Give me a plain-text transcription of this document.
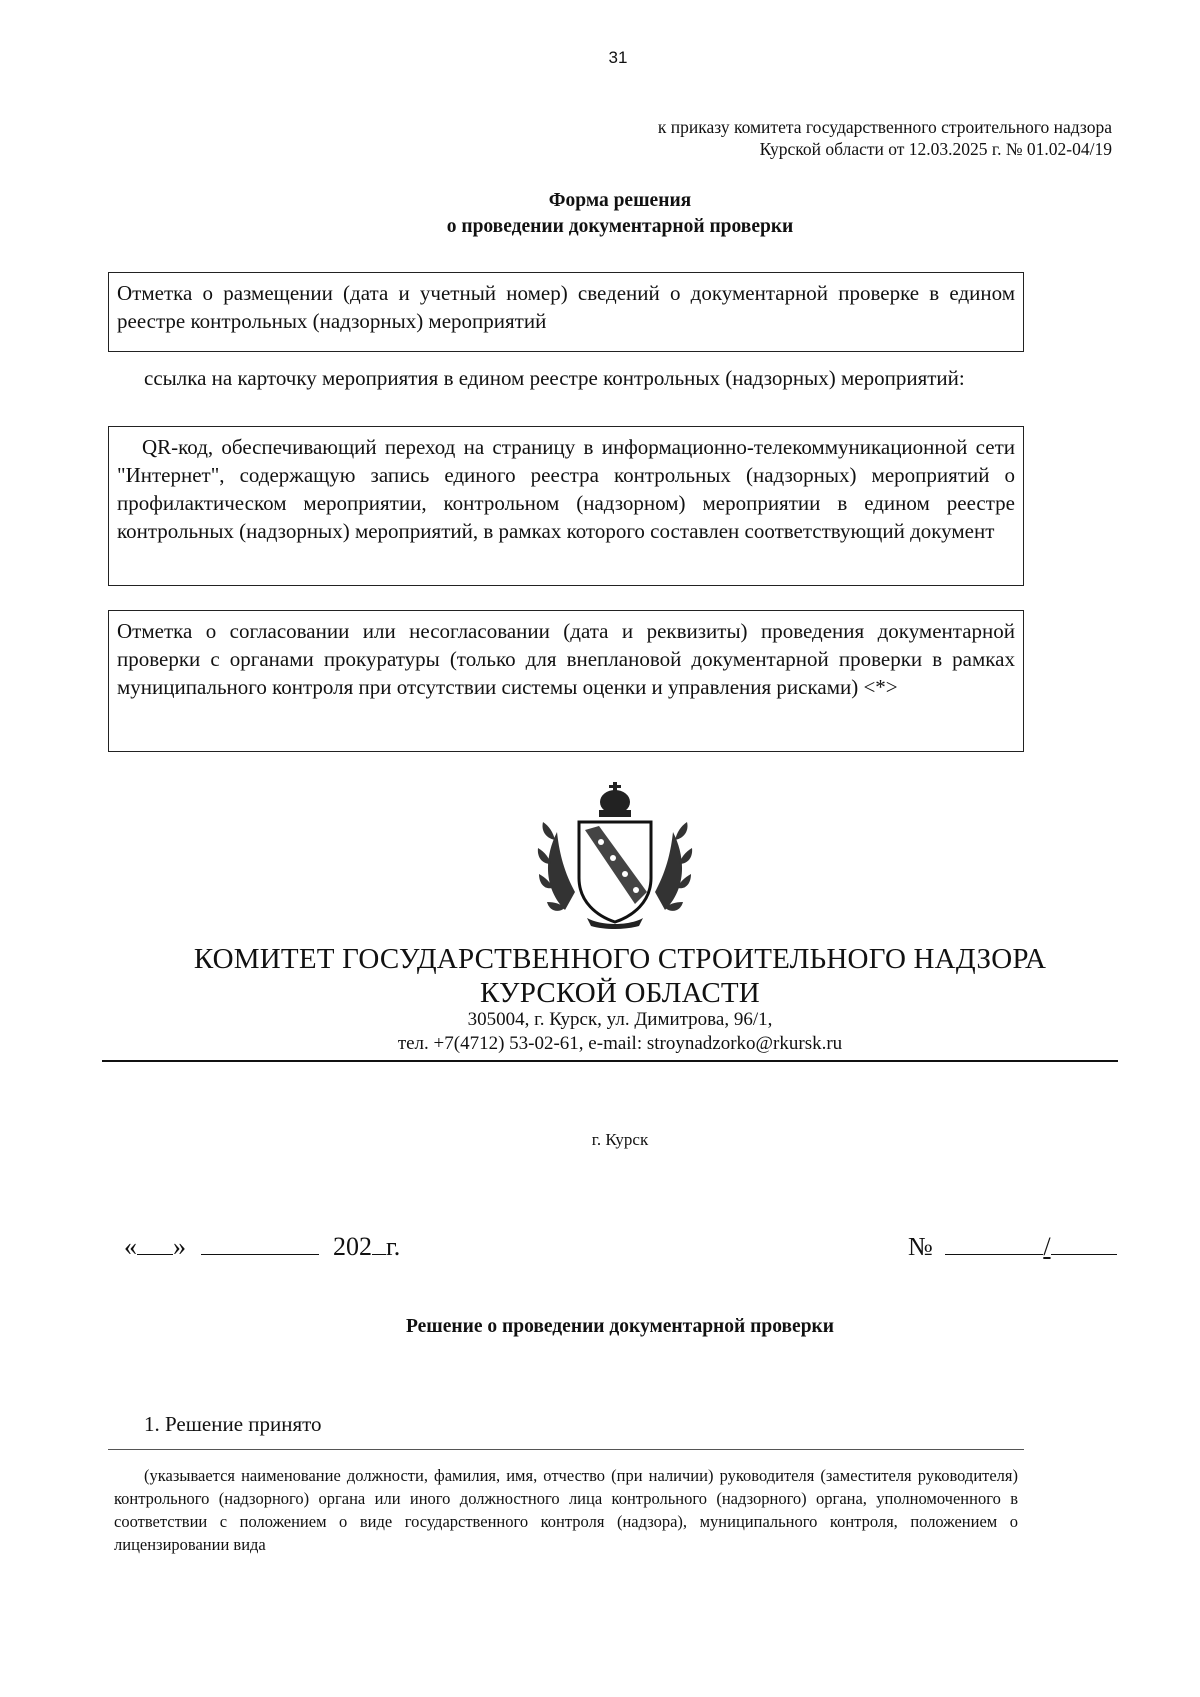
31
к приказу комитета государственного строительного надзора
Курской области от 12.03.2025 г. № 01.02-04/19
Форма решения
о проведении документарной проверки
Отметка о размещении (дата и учетный номер) сведений о документарной проверке в едином реестре контрольных (надзорных) мероприятий
ссылка на карточку мероприятия в едином реестре контрольных (надзорных) мероприятий:
QR-код, обеспечивающий переход на страницу в информационно-телекоммуникационной сети "Интернет", содержащую запись единого реестра контрольных (надзорных) мероприятий о профилактическом мероприятии, контрольном (надзорном) мероприятии в едином реестре контрольных (надзорных) мероприятий, в рамках которого составлен соответствующий документ
Отметка о согласовании или несогласовании (дата и реквизиты) проведения документарной проверки с органами прокуратуры (только для внеплановой документарной проверки в рамках муниципального контроля при отсутствии системы оценки и управления рисками) <*>
КОМИТЕТ ГОСУДАРСТВЕННОГО СТРОИТЕЛЬНОГО НАДЗОРА
КУРСКОЙ ОБЛАСТИ
305004, г. Курск, ул. Димитрова, 96/1,
тел. +7(4712) 53-02-61, e-mail: stroynadzorko@rkursk.ru
г. Курск
« »	202 г.	№	/
Решение о проведении документарной проверки
1. Решение принято
(указывается наименование должности, фамилия, имя, отчество (при наличии) руководителя (заместителя руководителя) контрольного (надзорного) органа или иного должностного лица контрольного (надзорного) органа, уполномоченного в соответствии с положением о виде государственного контроля (надзора), муниципального контроля, положением о лицензировании вида
